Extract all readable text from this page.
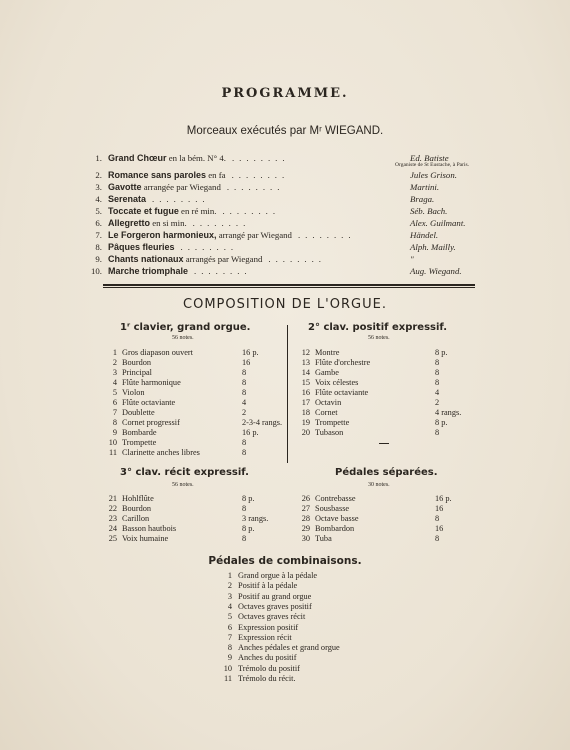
PROGRAMME.
Morceaux exécutés par Mʳ WIEGAND.
1. Grand Chœur en la bém. N° 4. ........	Ed. Batiste
Organiste de St Eustache, à Paris.
2. Romance sans paroles en fa ........	Jules Grison.
3. Gavotte arrangée par Wiegand ........	Martini.
4. Serenata ........	Braga.
5. Toccate et fugue en ré min. ........	Séb. Bach.
6. Allegretto en si min. ........	Alex. Guilmant.
7. Le Forgeron harmonieux, arrangé par Wiegand ........	Händel.
8. Pâques fleuries ........	Alph. Mailly.
9. Chants nationaux arrangés par Wiegand ........	"
10. Marche triomphale ........	Aug. Wiegand.
COMPOSITION DE L'ORGUE.
1ʳ clavier, grand orgue.
56 notes.
2° clav. positif expressif.
56 notes.
3° clav. récit expressif.
56 notes.
Pédales séparées.
30 notes.
1 Gros diapason ouvert	16 p.
2 Bourdon	16
3 Principal	8
4 Flûte harmonique	8
5 Violon	8
6 Flûte octaviante	4
7 Doublette	2
8 Cornet progressif	2-3-4 rangs.
9 Bombarde	16 p.
10 Trompette	8
11 Clarinette anches libres	8
12 Montre	8 p.
13 Flûte d'orchestre	8
14 Gambe	8
15 Voix célestes	8
16 Flûte octaviante	4
17 Octavin	2
18 Cornet	4 rangs.
19 Trompette	8 p.
20 Tubason	8
21 Hohlflûte	8 p.
22 Bourdon	8
23 Carillon	3 rangs.
24 Basson hautbois	8 p.
25 Voix humaine	8
26 Contrebasse	16 p.
27 Sousbasse	16
28 Octave basse	8
29 Bombardon	16
30 Tuba	8
Pédales de combinaisons.
1 Grand orgue à la pédale
2 Positif à la pédale
3 Positif au grand orgue
4 Octaves graves positif
5 Octaves graves récit
6 Expression positif
7 Expression récit
8 Anches pédales et grand orgue
9 Anches du positif
10 Trémolo du positif
11 Trémolo du récit.
